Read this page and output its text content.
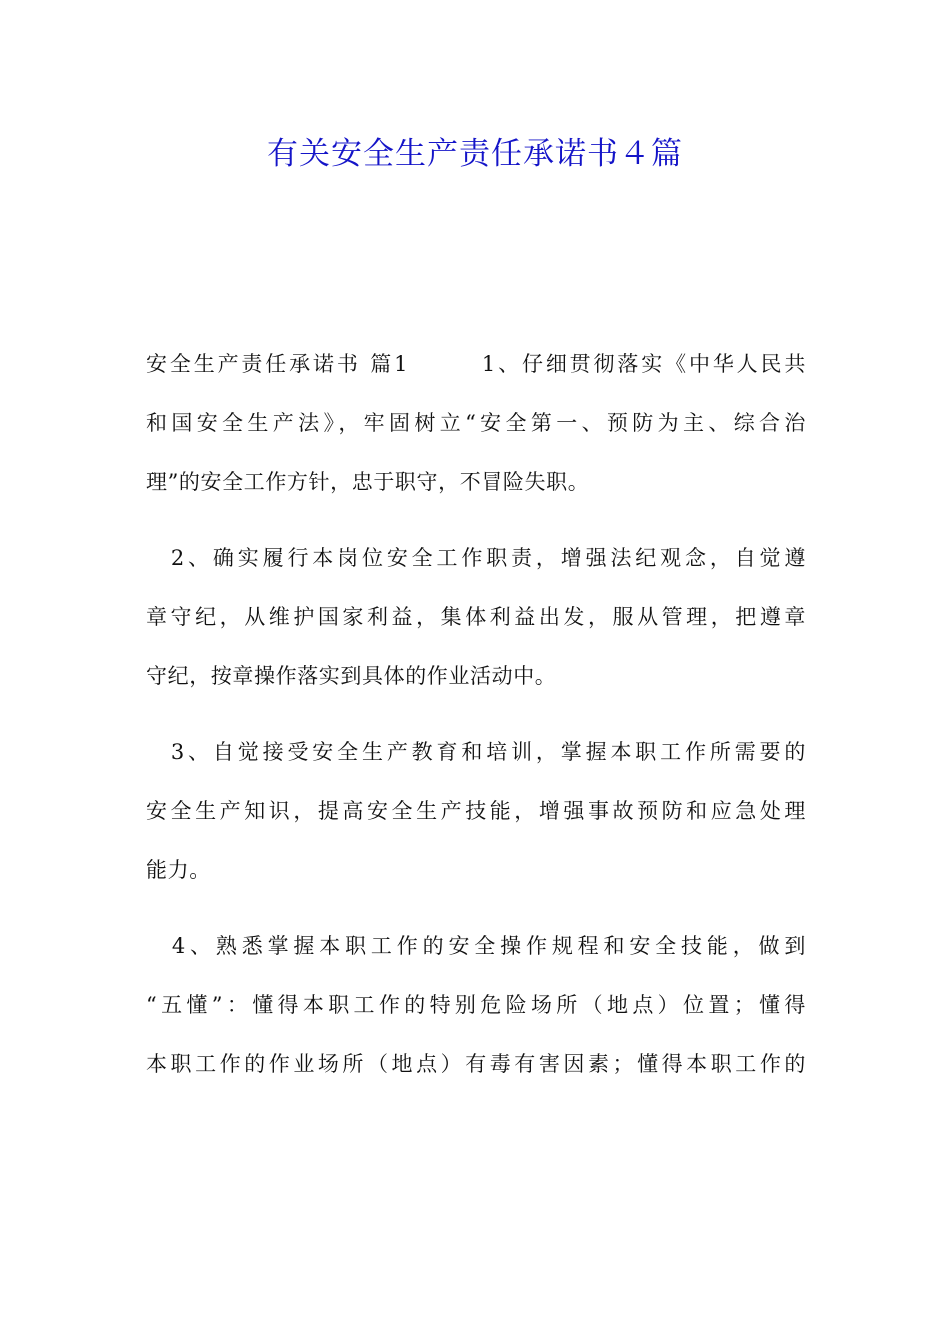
有关安全生产责任承诺书４篇
安全生产责任承诺书 篇1　　　1、仔细贯彻落实《中华人民共
和国安全生产法》，牢固树立“安全第一、预防为主、综合治
理”的安全工作方针，忠于职守，不冒险失职。
　2、确实履行本岗位安全工作职责，增强法纪观念，自觉遵
章守纪，从维护国家利益，集体利益出发，服从管理，把遵章
守纪，按章操作落实到具体的作业活动中。
　3、自觉接受安全生产教育和培训，掌握本职工作所需要的
安全生产知识，提高安全生产技能，增强事故预防和应急处理
能力。
　4、熟悉掌握本职工作的安全操作规程和安全技能，做到
“五懂”：懂得本职工作的特别危险场所（地点）位置；懂得
本职工作的作业场所（地点）有毒有害因素；懂得本职工作的
